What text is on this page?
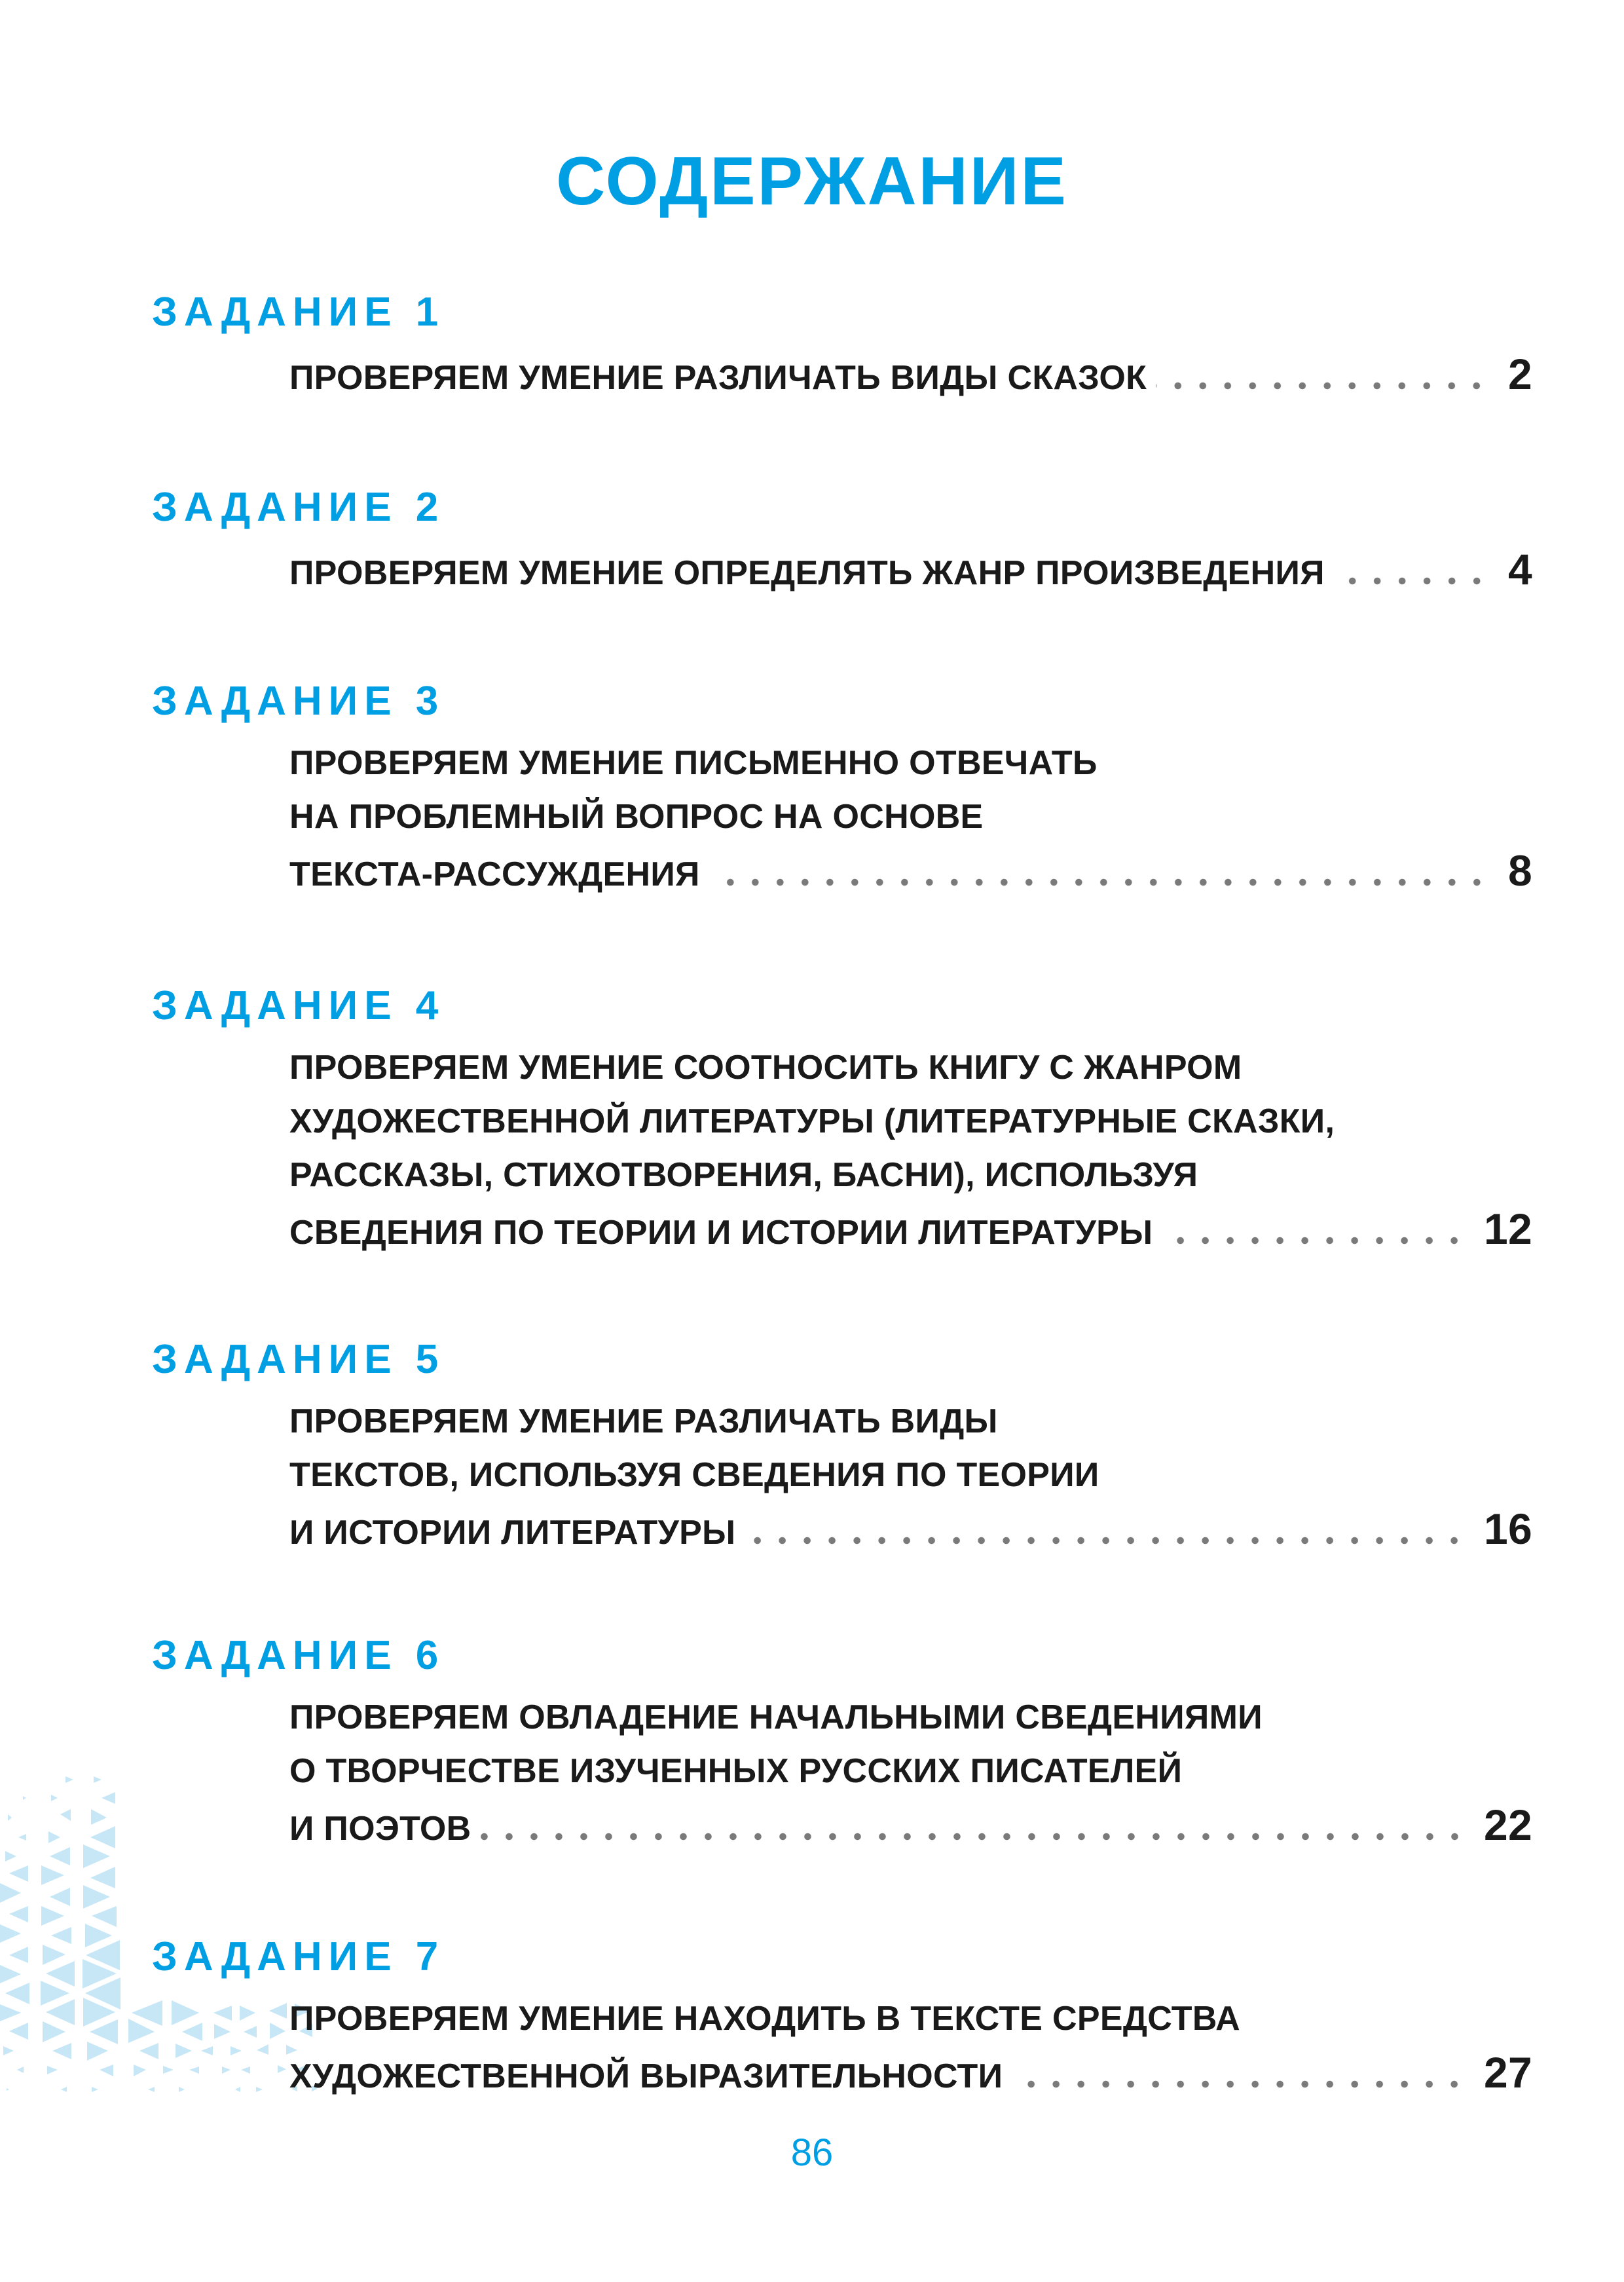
СОДЕРЖАНИЕ
ЗАДАНИЕ 1
ПРОВЕРЯЕМ УМЕНИЕ РАЗЛИЧАТЬ ВИДЫ СКАЗОК	2
ЗАДАНИЕ 2
ПРОВЕРЯЕМ УМЕНИЕ ОПРЕДЕЛЯТЬ ЖАНР ПРОИЗВЕДЕНИЯ	4
ЗАДАНИЕ 3
ПРОВЕРЯЕМ УМЕНИЕ ПИСЬМЕННО ОТВЕЧАТЬ
НА ПРОБЛЕМНЫЙ ВОПРОС НА ОСНОВЕ
ТЕКСТА-РАССУЖДЕНИЯ	8
ЗАДАНИЕ 4
ПРОВЕРЯЕМ УМЕНИЕ СООТНОСИТЬ КНИГУ С ЖАНРОМ
ХУДОЖЕСТВЕННОЙ ЛИТЕРАТУРЫ (ЛИТЕРАТУРНЫЕ СКАЗКИ,
РАССКАЗЫ, СТИХОТВОРЕНИЯ, БАСНИ), ИСПОЛЬЗУЯ
СВЕДЕНИЯ ПО ТЕОРИИ И ИСТОРИИ ЛИТЕРАТУРЫ	12
ЗАДАНИЕ 5
ПРОВЕРЯЕМ УМЕНИЕ РАЗЛИЧАТЬ ВИДЫ
ТЕКСТОВ, ИСПОЛЬЗУЯ СВЕДЕНИЯ ПО ТЕОРИИ
И ИСТОРИИ ЛИТЕРАТУРЫ	16
ЗАДАНИЕ 6
ПРОВЕРЯЕМ ОВЛАДЕНИЕ НАЧАЛЬНЫМИ СВЕДЕНИЯМИ
О ТВОРЧЕСТВЕ ИЗУЧЕННЫХ РУССКИХ ПИСАТЕЛЕЙ
И ПОЭТОВ	22
ЗАДАНИЕ 7
ПРОВЕРЯЕМ УМЕНИЕ НАХОДИТЬ В ТЕКСТЕ СРЕДСТВА
ХУДОЖЕСТВЕННОЙ ВЫРАЗИТЕЛЬНОСТИ	27
86
